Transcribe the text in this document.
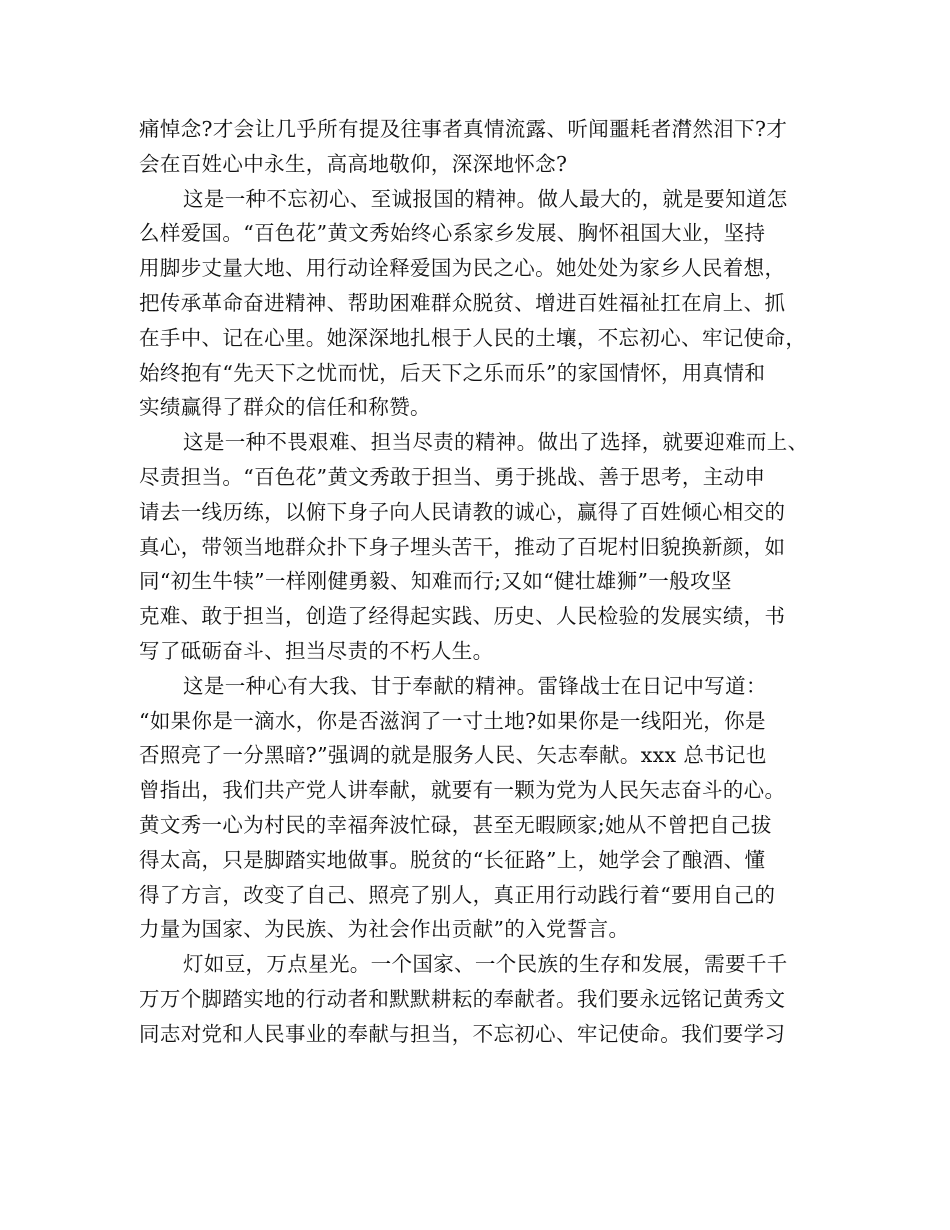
痛悼念?才会让几乎所有提及往事者真情流露、听闻噩耗者潸然泪下?才
会在百姓心中永生，高高地敬仰，深深地怀念?
这是一种不忘初心、至诚报国的精神。做人最大的，就是要知道怎
么样爱国。“百色花”黄文秀始终心系家乡发展、胸怀祖国大业，坚持
用脚步丈量大地、用行动诠释爱国为民之心。她处处为家乡人民着想，
把传承革命奋进精神、帮助困难群众脱贫、增进百姓福祉扛在肩上、抓
在手中、记在心里。她深深地扎根于人民的土壤，不忘初心、牢记使命，
始终抱有“先天下之忧而忧，后天下之乐而乐”的家国情怀，用真情和
实绩赢得了群众的信任和称赞。
这是一种不畏艰难、担当尽责的精神。做出了选择，就要迎难而上、
尽责担当。“百色花”黄文秀敢于担当、勇于挑战、善于思考，主动申
请去一线历练，以俯下身子向人民请教的诚心，赢得了百姓倾心相交的
真心，带领当地群众扑下身子埋头苦干，推动了百坭村旧貌换新颜，如
同“初生牛犊”一样刚健勇毅、知难而行;又如“健壮雄狮”一般攻坚
克难、敢于担当，创造了经得起实践、历史、人民检验的发展实绩，书
写了砥砺奋斗、担当尽责的不朽人生。
这是一种心有大我、甘于奉献的精神。雷锋战士在日记中写道：
“如果你是一滴水，你是否滋润了一寸土地?如果你是一线阳光，你是
否照亮了一分黑暗?”强调的就是服务人民、矢志奉献。xxx 总书记也
曾指出，我们共产党人讲奉献，就要有一颗为党为人民矢志奋斗的心。
黄文秀一心为村民的幸福奔波忙碌，甚至无暇顾家;她从不曾把自己拔
得太高，只是脚踏实地做事。脱贫的“长征路”上，她学会了酿酒、懂
得了方言，改变了自己、照亮了别人，真正用行动践行着“要用自己的
力量为国家、为民族、为社会作出贡献”的入党誓言。
灯如豆，万点星光。一个国家、一个民族的生存和发展，需要千千
万万个脚踏实地的行动者和默默耕耘的奉献者。我们要永远铭记黄秀文
同志对党和人民事业的奉献与担当，不忘初心、牢记使命。我们要学习
